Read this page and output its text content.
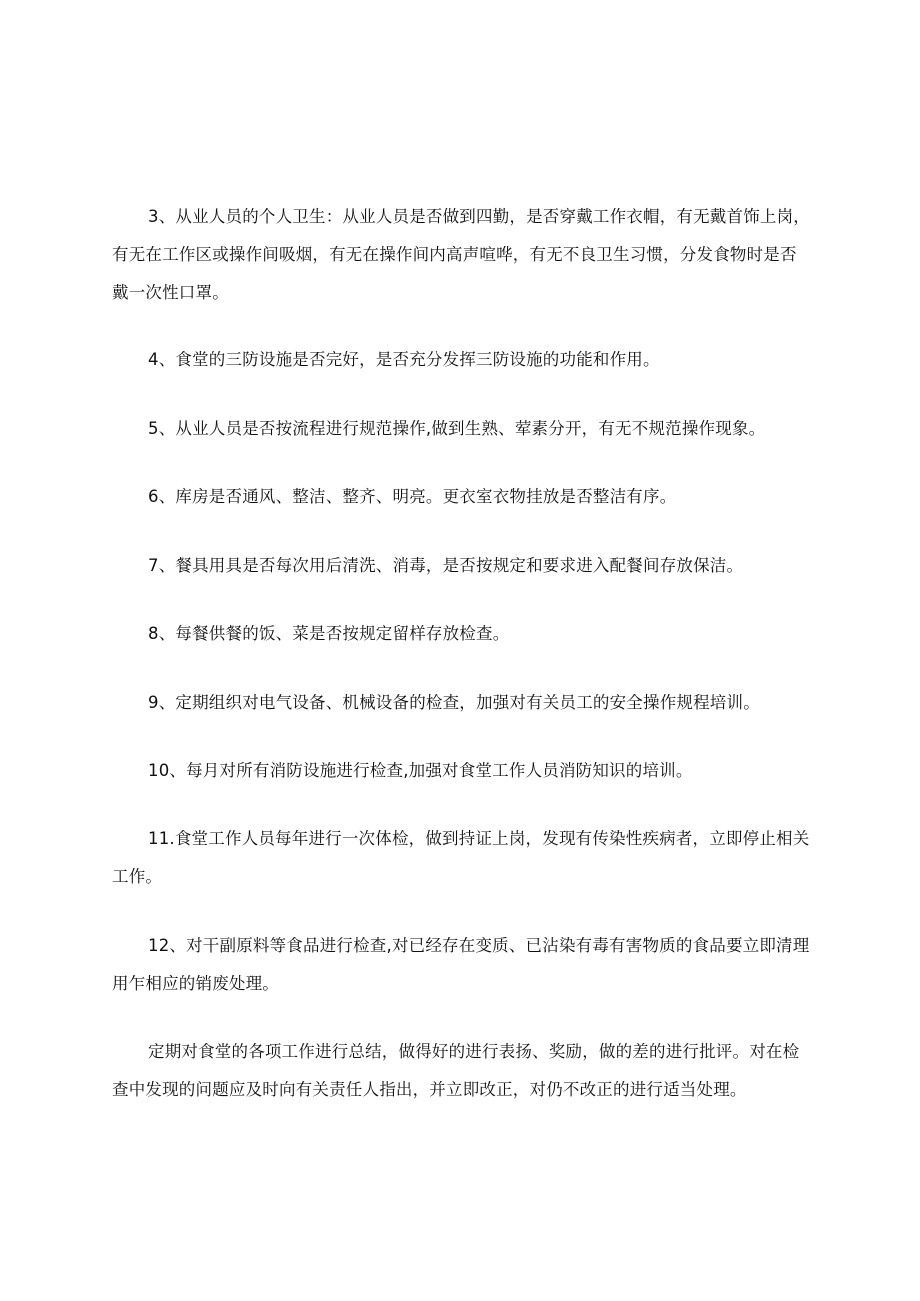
3、从业人员的个人卫生：从业人员是否做到四勤，是否穿戴工作衣帽，有无戴首饰上岗，有无在工作区或操作间吸烟，有无在操作间内高声喧哗，有无不良卫生习惯，分发食物时是否戴一次性口罩。

4、食堂的三防设施是否完好，是否充分发挥三防设施的功能和作用。

5、从业人员是否按流程进行规范操作,做到生熟、荤素分开，有无不规范操作现象。

6、库房是否通风、整洁、整齐、明亮。更衣室衣物挂放是否整洁有序。

7、餐具用具是否每次用后清洗、消毒，是否按规定和要求进入配餐间存放保洁。

8、每餐供餐的饭、菜是否按规定留样存放检查。

9、定期组织对电气设备、机械设备的检查，加强对有关员工的安全操作规程培训。

10、每月对所有消防设施进行检查,加强对食堂工作人员消防知识的培训。

11.食堂工作人员每年进行一次体检，做到持证上岗，发现有传染性疾病者，立即停止相关工作。

12、对干副原料等食品进行检查,对已经存在变质、已沾染有毒有害物质的食品要立即清理用乍相应的销废处理。

定期对食堂的各项工作进行总结，做得好的进行表扬、奖励，做的差的进行批评。对在检查中发现的问题应及时向有关责任人指出，并立即改正，对仍不改正的进行适当处理。
